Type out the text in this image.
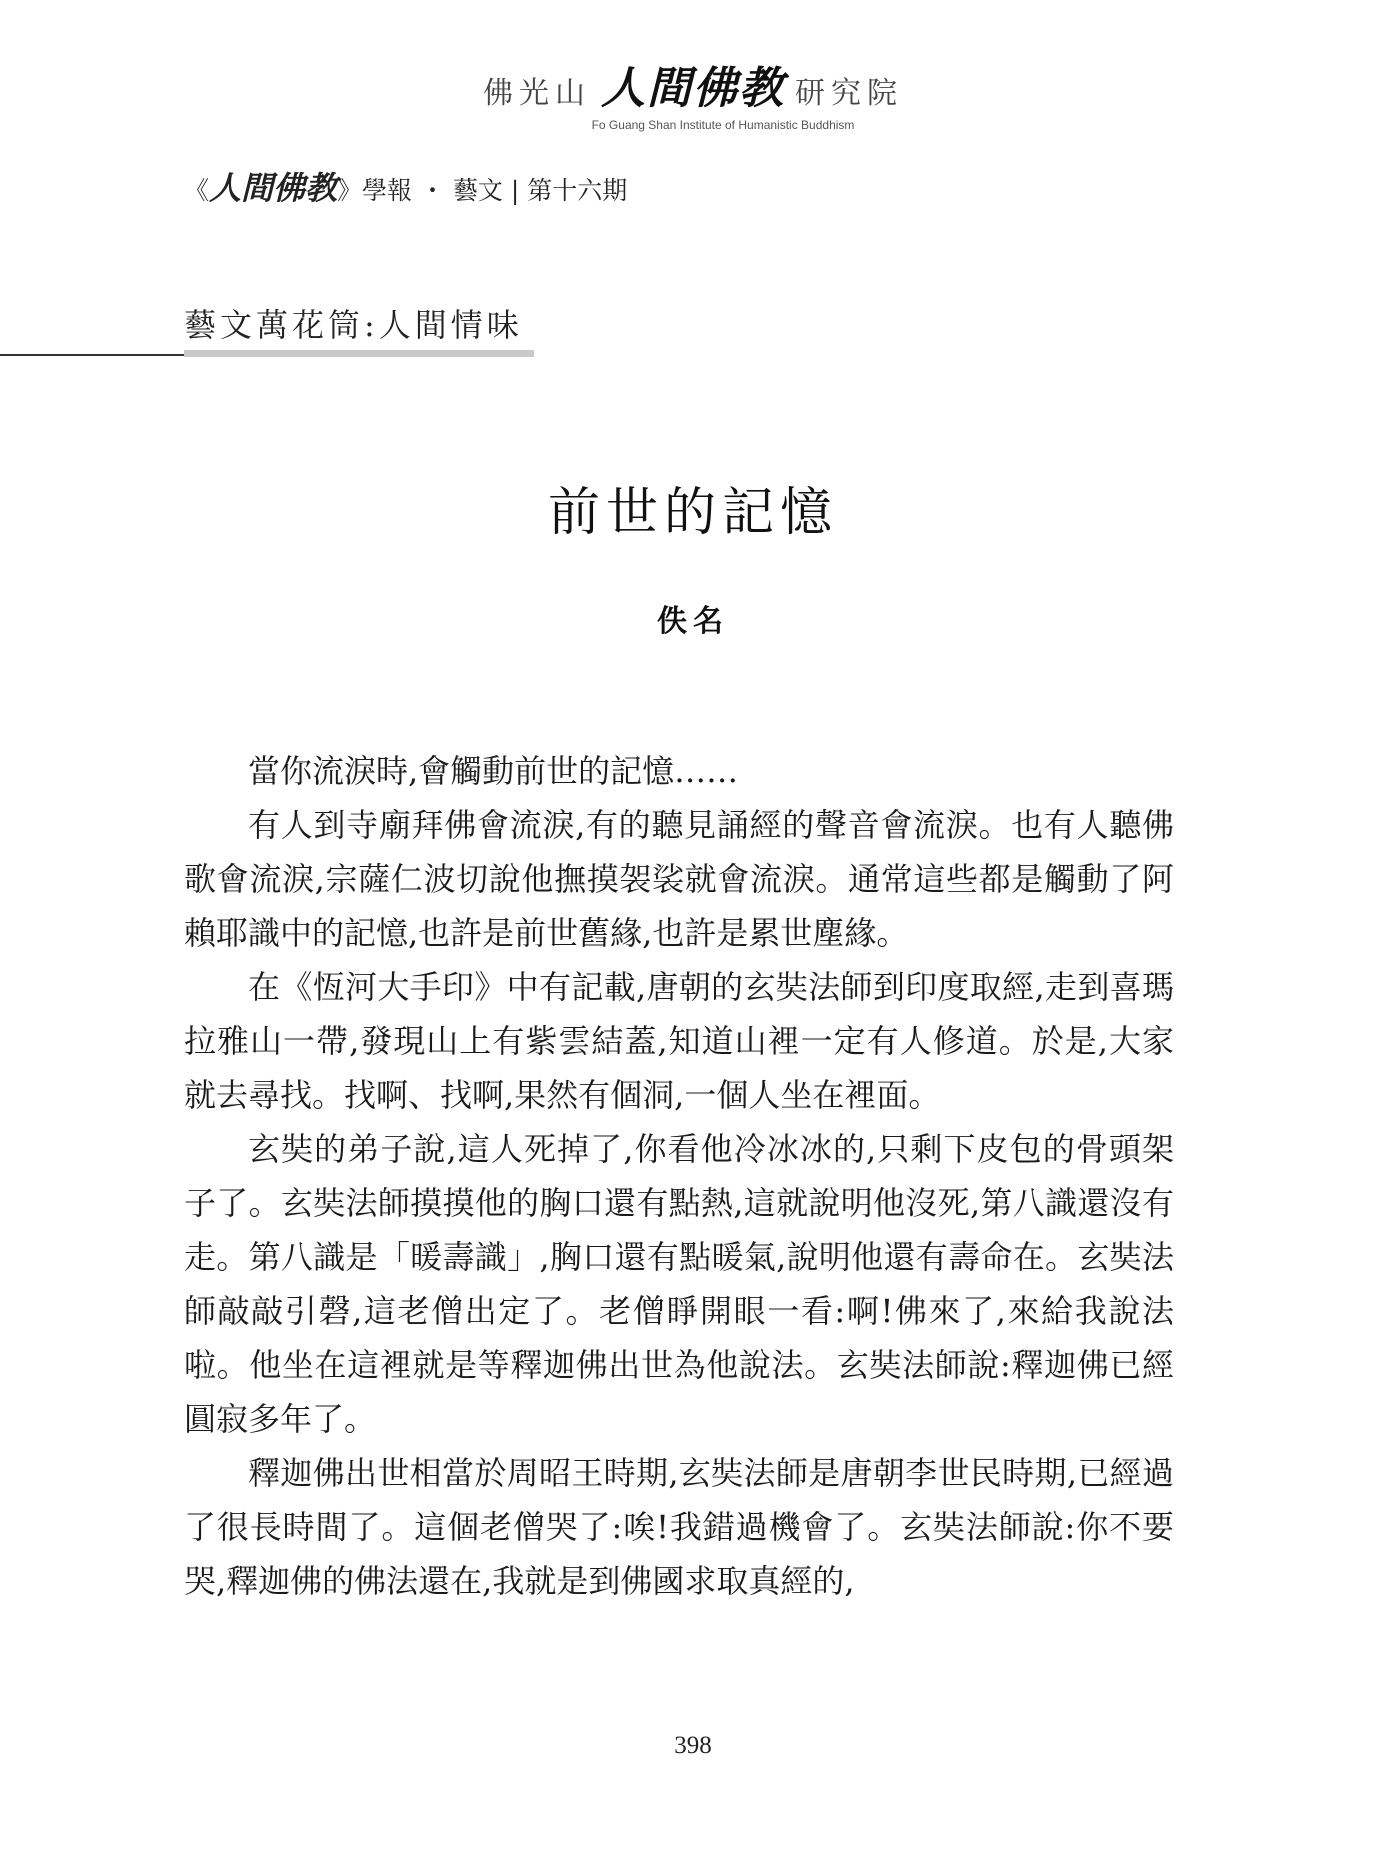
佛光山 人間佛教 研究院
Fo Guang Shan Institute of Humanistic Buddhism
《人間佛教》學報 ・ 藝文 | 第十六期
藝文萬花筒:人間情味
前世的記憶
佚名

當你流淚時,會觸動前世的記憶……

有人到寺廟拜佛會流淚,有的聽見誦經的聲音會流淚。也有人聽佛歌會流淚,宗薩仁波切說他撫摸袈裟就會流淚。通常這些都是觸動了阿賴耶識中的記憶,也許是前世舊緣,也許是累世塵緣。

在《恆河大手印》中有記載,唐朝的玄奘法師到印度取經,走到喜瑪拉雅山一帶,發現山上有紫雲結蓋,知道山裡一定有人修道。於是,大家就去尋找。找啊、找啊,果然有個洞,一個人坐在裡面。

玄奘的弟子說,這人死掉了,你看他冷冰冰的,只剩下皮包的骨頭架子了。玄奘法師摸摸他的胸口還有點熱,這就說明他沒死,第八識還沒有走。第八識是「暖壽識」,胸口還有點暖氣,說明他還有壽命在。玄奘法師敲敲引磬,這老僧出定了。老僧睜開眼一看:啊!佛來了,來給我說法啦。他坐在這裡就是等釋迦佛出世為他說法。玄奘法師說:釋迦佛已經圓寂多年了。

釋迦佛出世相當於周昭王時期,玄奘法師是唐朝李世民時期,已經過了很長時間了。這個老僧哭了:唉!我錯過機會了。玄奘法師說:你不要哭,釋迦佛的佛法還在,我就是到佛國求取真經的,

398
